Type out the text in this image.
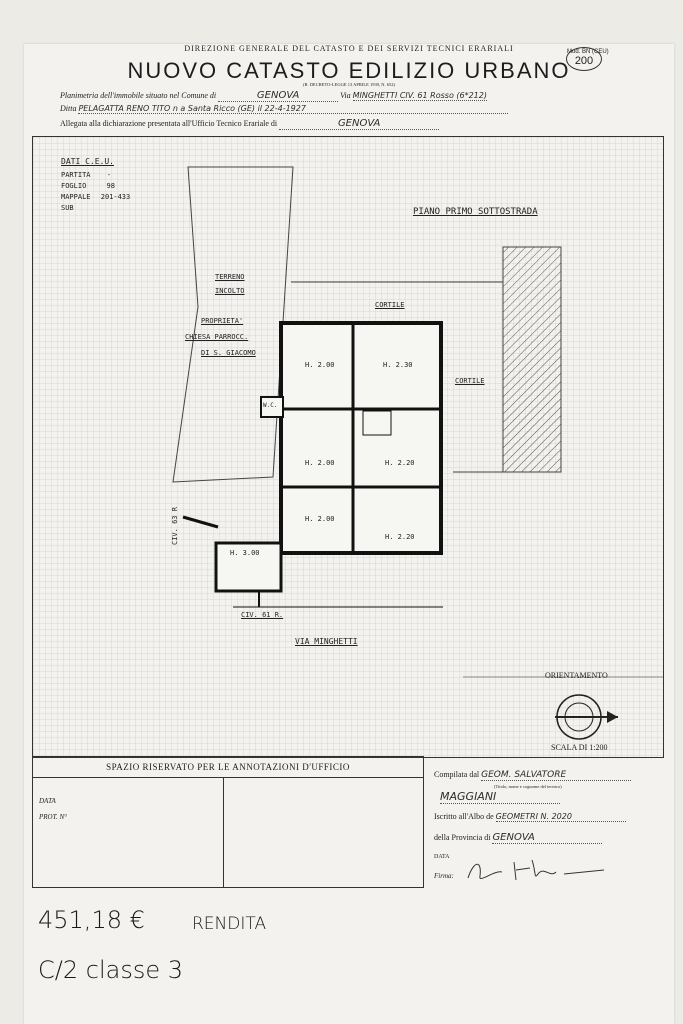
DIREZIONE GENERALE DEL CATASTO E DEI SERVIZI TECNICI ERARIALI
NUOVO CATASTO EDILIZIO URBANO
(R. DECRETO-LEGGE 13 APRILE 1939, N. 652)
Mod. BN (CEU)
200
Planimetria dell'immobile situato nel Comune di	GENOVA	Via MINGHETTI CIV. 61 Rosso (6*212)
Ditta PELAGATTA RENO TITO n a Santa Ricco (GE) il 22-4-1927
Allegata alla dichiarazione presentata all'Ufficio Tecnico Erariale di	GENOVA
DATI C.E.U.
PARTITA -
FOGLIO	98
MAPPALE 201-433
SUB	PIANO PRIMO SOTTOSTRADA
TERRENO
INCOLTO
PROPRIETA'
CHIESA PARROCC.
DI S. GIACOMO
CORTILE
CORTILE
H. 2.00	H. 2.30
H. 2.00	H. 2.20
H. 2.00
H. 2.20
H. 3.00
W.C.
CIV. 63 R
CIV. 61 R.
VIA MINGHETTI
ORIENTAMENTO
SCALA DI 1:200
SPAZIO RISERVATO PER LE ANNOTAZIONI D'UFFICIO
DATA
PROT. N°
Compilata dal GEOM. SALVATORE
(Titolo, nome e cognome del tecnico)
MAGGIANI
Iscritto all'Albo de GEOMETRI N. 2020
della Provincia di GENOVA
DATA
Firma:
451,18 €	RENDITA
C/2 classe 3
